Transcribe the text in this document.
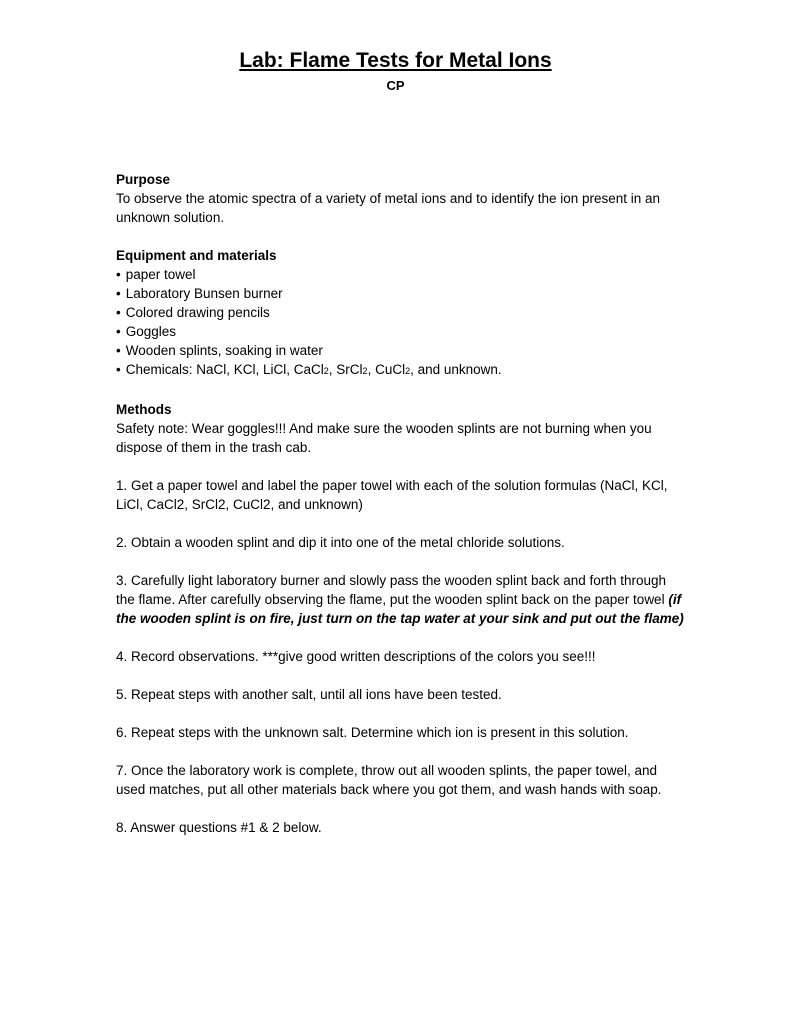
Lab: Flame Tests for Metal Ions
CP

Purpose

To observe the atomic spectra of a variety of metal ions and to identify the ion present in an unknown solution.

Equipment and materials

• paper towel
• Laboratory Bunsen burner
• Colored drawing pencils
• Goggles
• Wooden splints, soaking in water
• Chemicals: NaCl, KCl, LiCl, CaCl2, SrCl2, CuCl2, and unknown.

Methods

Safety note: Wear goggles!!! And make sure the wooden splints are not burning when you dispose of them in the trash cab.

1. Get a paper towel and label the paper towel with each of the solution formulas (NaCl, KCl, LiCl, CaCl2, SrCl2, CuCl2, and unknown)

2. Obtain a wooden splint and dip it into one of the metal chloride solutions.

3. Carefully light laboratory burner and slowly pass the wooden splint back and forth through the flame. After carefully observing the flame, put the wooden splint back on the paper towel (if the wooden splint is on fire, just turn on the tap water at your sink and put out the flame)

4. Record observations. ***give good written descriptions of the colors you see!!!

5. Repeat steps with another salt, until all ions have been tested.

6. Repeat steps with the unknown salt. Determine which ion is present in this solution.

7. Once the laboratory work is complete, throw out all wooden splints, the paper towel, and used matches, put all other materials back where you got them, and wash hands with soap.

8. Answer questions #1 & 2 below.
